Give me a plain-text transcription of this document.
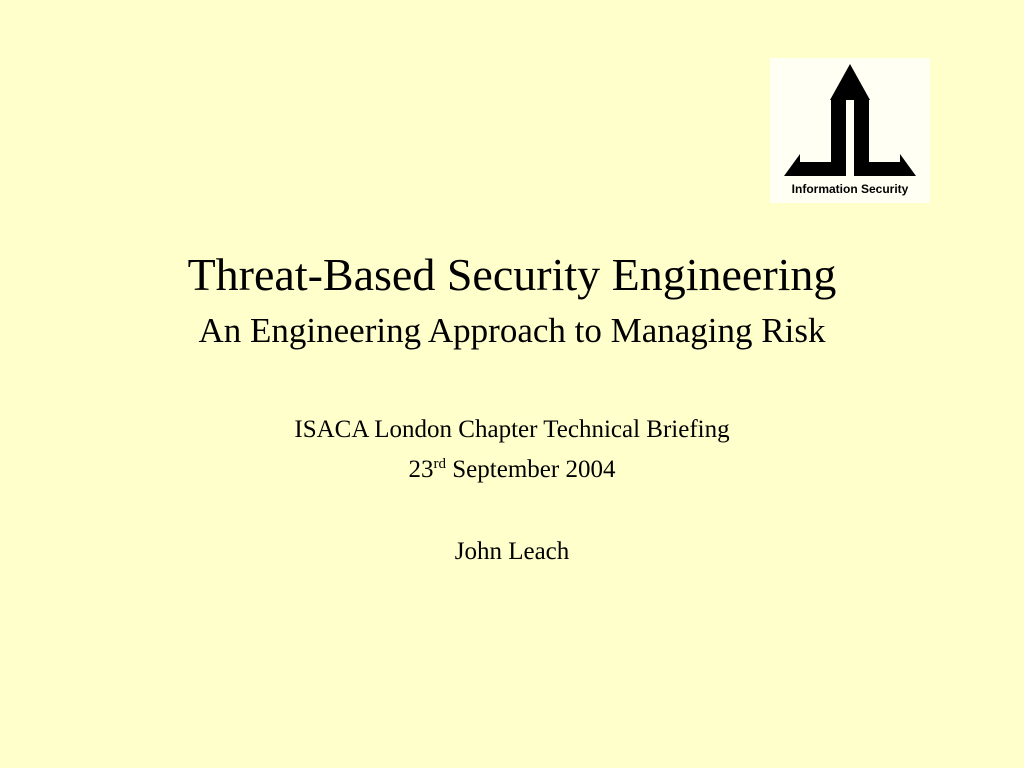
Information Security
Threat-Based Security Engineering
An Engineering Approach to Managing Risk
ISACA London Chapter Technical Briefing
23rd September 2004
John Leach
